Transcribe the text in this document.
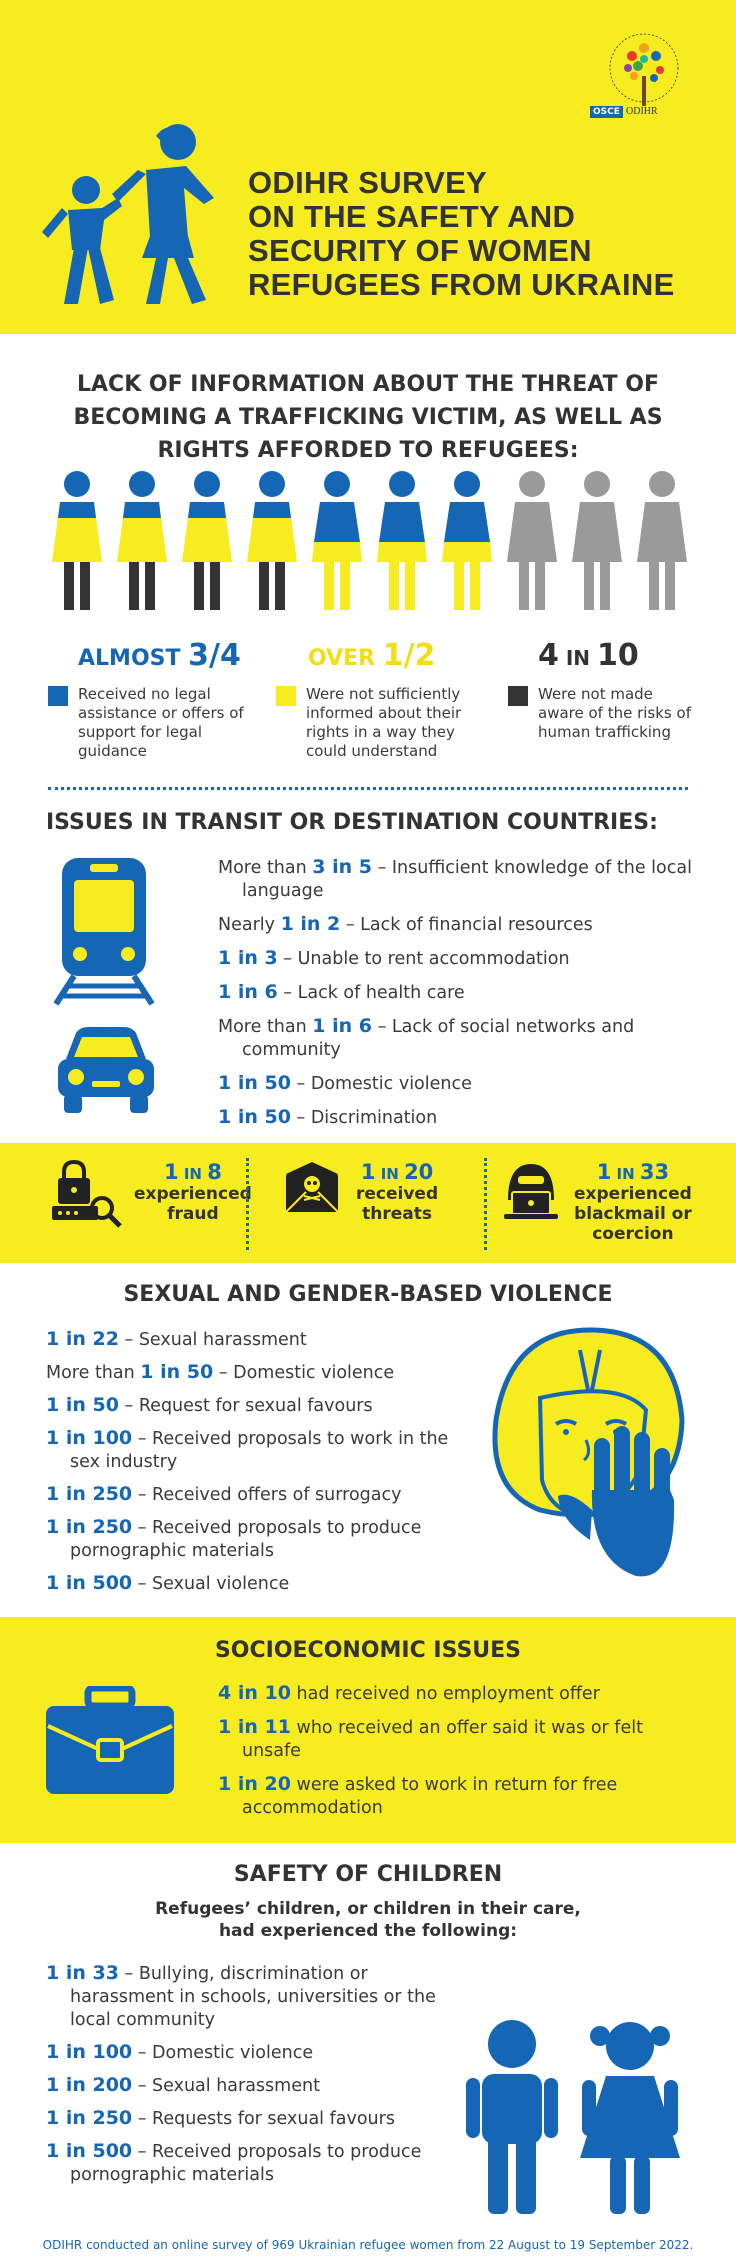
OSCE ODIHR
ODIHR SURVEY
ON THE SAFETY AND
SECURITY OF WOMEN
REFUGEES FROM UKRAINE
LACK OF INFORMATION ABOUT THE THREAT OF
BECOMING A TRAFFICKING VICTIM, AS WELL AS
RIGHTS AFFORDED TO REFUGEES:
ALMOST 3/4
Received no legal assistance or offers of support for legal guidance
OVER 1/2
Were not sufficiently informed about their rights in a way they could understand
4 IN 10
Were not made aware of the risks of human trafficking
ISSUES IN TRANSIT OR DESTINATION COUNTRIES:
More than 3 in 5 – Insufficient knowledge of the local language
Nearly 1 in 2 – Lack of financial resources
1 in 3 – Unable to rent accommodation
1 in 6 – Lack of health care
More than 1 in 6 – Lack of social networks and community
1 in 50 – Domestic violence
1 in 50 – Discrimination
1 IN 8
experienced
fraud
1 IN 20
received
threats
1 IN 33
experienced
blackmail or
coercion
SEXUAL AND GENDER-BASED VIOLENCE
1 in 22 – Sexual harassment
More than 1 in 50 – Domestic violence
1 in 50 – Request for sexual favours
1 in 100 – Received proposals to work in the sex industry
1 in 250 – Received offers of surrogacy
1 in 250 – Received proposals to produce pornographic materials
1 in 500 – Sexual violence
SOCIOECONOMIC ISSUES
4 in 10 had received no employment offer
1 in 11 who received an offer said it was or felt unsafe
1 in 20 were asked to work in return for free accommodation
SAFETY OF CHILDREN
Refugees’ children, or children in their care,
had experienced the following:
1 in 33 – Bullying, discrimination or harassment in schools, universities or the local community
1 in 100 – Domestic violence
1 in 200 – Sexual harassment
1 in 250 – Requests for sexual favours
1 in 500 – Received proposals to produce pornographic materials
ODIHR conducted an online survey of 969 Ukrainian refugee women from 22 August to 19 September 2022.
